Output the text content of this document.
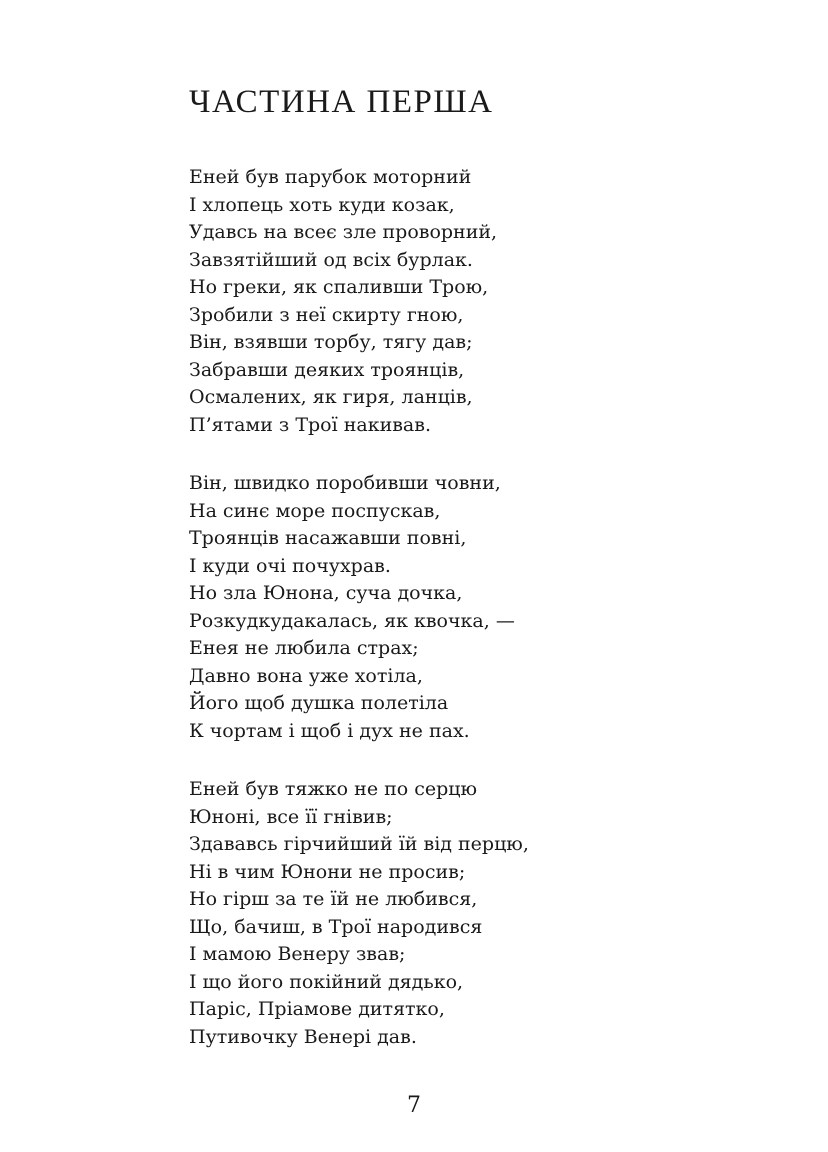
ЧАСТИНА ПЕРША
Еней був парубок моторний
І хлопець хоть куди козак,
Удавсь на всеє зле проворний,
Завзятійший од всіх бурлак.
Но греки, як спаливши Трою,
Зробили з неї скирту гною,
Він, взявши торбу, тягу дав;
Забравши деяких троянців,
Осмалених, як гиря, ланців,
П’ятами з Трої накивав.
Він, швидко поробивши човни,
На синє море поспускав,
Троянців насажавши повні,
І куди очі почухрав.
Но зла Юнона, суча дочка,
Розкудкудакалась, як квочка, —
Енея не любила страх;
Давно вона уже хотіла,
Його щоб душка полетіла
К чортам і щоб і дух не пах.
Еней був тяжко не по серцю
Юноні, все її гнівив;
Здававсь гірчийший їй від перцю,
Ні в чим Юнони не просив;
Но гірш за те їй не любився,
Що, бачиш, в Трої народився
І мамою Венеру звав;
І що його покійний дядько,
Паріс, Пріамове дитятко,
Путивочку Венері дав.
7
